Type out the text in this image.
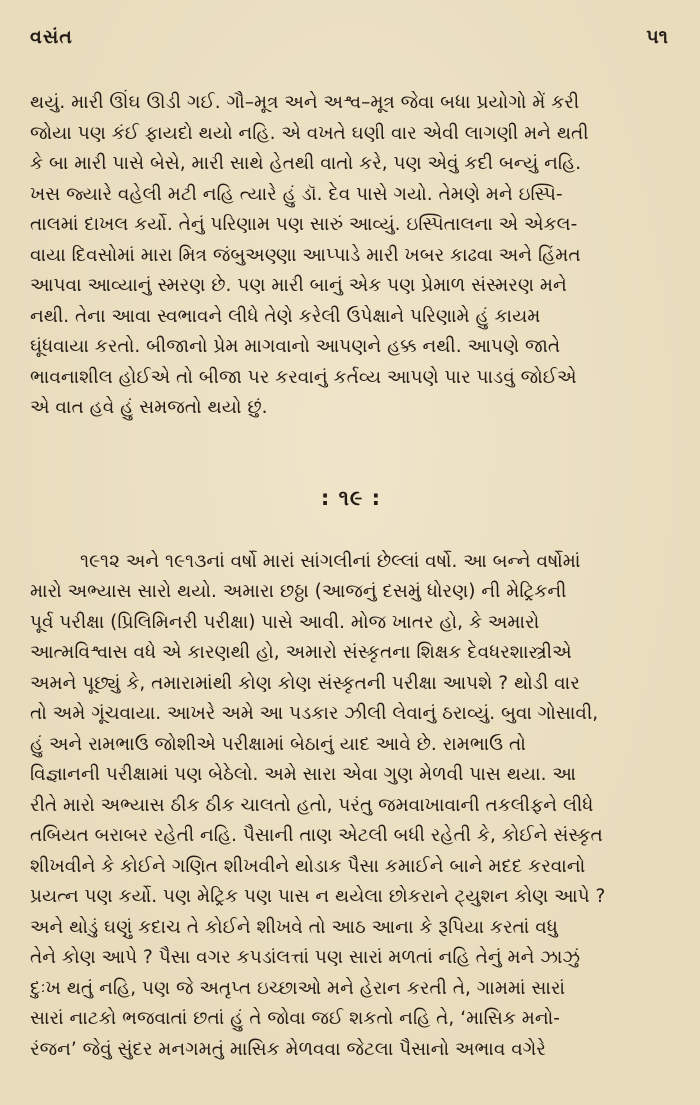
વસંત	૫૧

થયું. મારી ઊંઘ ઊડી ગઈ. ગૌ–મૂત્ર અને અશ્વ–મૂત્ર જેવા બધા પ્રયોગો મેં કરી
જોયા પણ કંઈ ફાયદો થયો નહિ. એ વખતે ઘણી વાર એવી લાગણી મને થતી
કે બા મારી પાસે બેસે, મારી સાથે હેતથી વાતો કરે, પણ એવું કદી બન્યું નહિ.
ખસ જ્યારે વહેલી મટી નહિ ત્યારે હું ડૉ. દેવ પાસે ગયો. તેમણે મને ઇસ્પિ-
તાલમાં દાખલ કર્યો. તેનું પરિણામ પણ સારું આવ્યું. ઇસ્પિતાલના એ એકલ-
વાયા દિવસોમાં મારા મિત્ર જંબુઅણ્ણા આપ્પાડે મારી ખબર કાઢવા અને હિંમત
આપવા આવ્યાનું સ્મરણ છે. પણ મારી બાનું એક પણ પ્રેમાળ સંસ્મરણ મને
નથી. તેના આવા સ્વભાવને લીધે તેણે કરેલી ઉપેક્ષાને પરિણામે હું કાયમ
ઘૂંધવાયા કરતો. બીજાનો પ્રેમ માગવાનો આપણને હક્ક નથી. આપણે જાતે
ભાવનાશીલ હોઈએ તો બીજા પર કરવાનું કર્તવ્ય આપણે પાર પાડવું જોઈએ
એ વાત હવે હું સમજતો થયો છું.

: ૧૯ :

૧૯૧૨ અને ૧૯૧૩નાં વર્ષો મારાં સાંગલીનાં છેલ્લાં વર્ષો. આ બન્ને વર્ષોમાં
મારો અભ્યાસ સારો થયો. અમારા છઠ્ઠા (આજનું દસમું ધોરણ) ની મેટ્રિકની
પૂર્વ પરીક્ષા (પ્રિલિમિનરી પરીક્ષા) પાસે આવી. મોજ ખાતર હો, કે અમારો
આત્મવિશ્વાસ વધે એ કારણથી હો, અમારો સંસ્કૃતના શિક્ષક દેવધરશાસ્ત્રીએ
અમને પૂછ્યું કે, તમારામાંથી કોણ કોણ સંસ્કૃતની પરીક્ષા આપશે ? થોડી વાર
તો અમે ગૂંચવાયા. આખરે અમે આ પડકાર ઝીલી લેવાનું ઠરાવ્યું. બુવા ગોસાવી,
હું અને રામભાઉ જોશીએ પરીક્ષામાં બેઠાનું યાદ આવે છે. રામભાઉ તો
વિજ્ઞાનની પરીક્ષામાં પણ બેઠેલો. અમે સારા એવા ગુણ મેળવી પાસ થયા. આ
રીતે મારો અભ્યાસ ઠીક ઠીક ચાલતો હતો, પરંતુ જમવાખાવાની તકલીફને લીધે
તબિયત બરાબર રહેતી નહિ. પૈસાની તાણ એટલી બધી રહેતી કે, કોઈને સંસ્કૃત
શીખવીને કે કોઈને ગણિત શીખવીને થોડાક પૈસા કમાઈને બાને મદદ કરવાનો
પ્રયત્ન પણ કર્યો. પણ મેટ્રિક પણ પાસ ન થયેલા છોકરાને ટ્યુશન કોણ આપે ?
અને થોડું ઘણું કદાચ તે કોઈને શીખવે તો આઠ આના કે રૂપિયા કરતાં વધુ
તેને કોણ આપે ? પૈસા વગર કપડાંલત્તાં પણ સારાં મળતાં નહિ તેનું મને ઝાઝું
દુઃખ થતું નહિ, પણ જે અતૃપ્ત ઇચ્છાઓ મને હેરાન કરતી તે, ગામમાં સારાં
સારાં નાટકો ભજવાતાં છતાં હું તે જોવા જઈ શકતો નહિ તે, ‘માસિક મનો-
રંજન’ જેવું સુંદર મનગમતું માસિક મેળવવા જેટલા પૈસાનો અભાવ વગેરે
